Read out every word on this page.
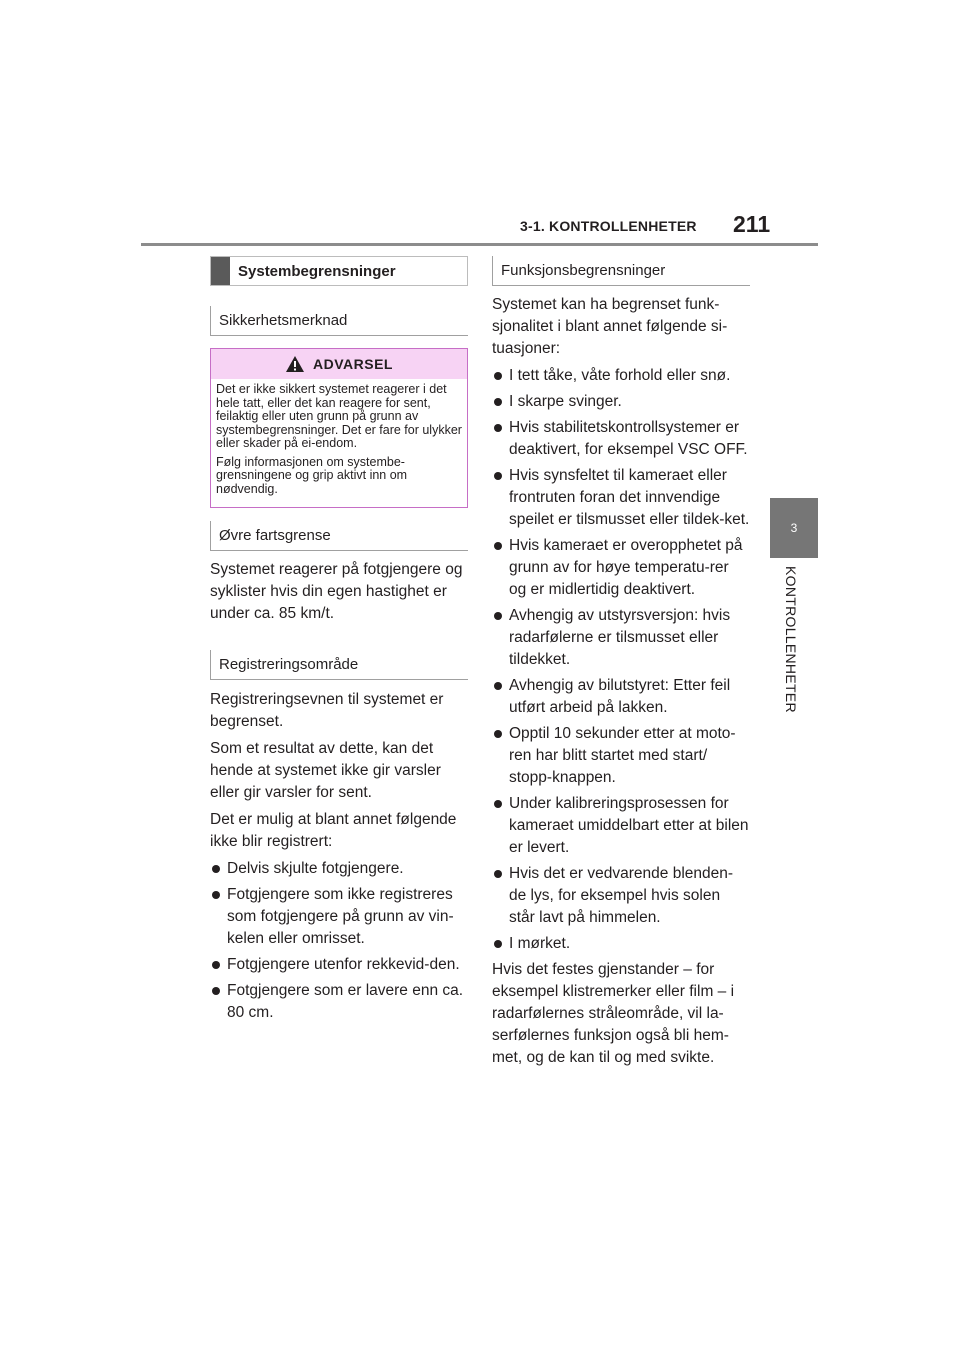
3-1. KONTROLLENHETER 211
3
KONTROLLENHETER
Systembegrensninger
Sikkerhetsmerknad
ADVARSEL

Det er ikke sikkert systemet reagerer i det hele tatt, eller det kan reagere for sent, feilaktig eller uten grunn på grunn av systembegrensninger. Det er fare for ulykker eller skader på ei-endom.

Følg informasjonen om systembe-grensningene og grip aktivt inn om nødvendig.

Øvre fartsgrense

Systemet reagerer på fotgjengere og syklister hvis din egen hastighet er under ca. 85 km/t.

Registreringsområde

Registreringsevnen til systemet er begrenset.

Som et resultat av dette, kan det hende at systemet ikke gir varsler eller gir varsler for sent.

Det er mulig at blant annet følgende ikke blir registrert:

Delvis skjulte fotgjengere.
Fotgjengere som ikke registreres som fotgjengere på grunn av vin-kelen eller omrisset.
Fotgjengere utenfor rekkevid-den.
Fotgjengere som er lavere enn ca. 80 cm.
Funksjonsbegrensninger

Systemet kan ha begrenset funk-sjonalitet i blant annet følgende si-tuasjoner:

I tett tåke, våte forhold eller snø.
I skarpe svinger.
Hvis stabilitetskontrollsystemer er deaktivert, for eksempel VSC OFF.
Hvis synsfeltet til kameraet eller frontruten foran det innvendige speilet er tilsmusset eller tildek-ket.
Hvis kameraet er overopphetet på grunn av for høye temperatu-rer og er midlertidig deaktivert.
Avhengig av utstyrsversjon: hvis radarfølerne er tilsmusset eller tildekket.
Avhengig av bilutstyret: Etter feil utført arbeid på lakken.
Opptil 10 sekunder etter at moto-ren har blitt startet med start/ stopp-knappen.
Under kalibreringsprosessen for kameraet umiddelbart etter at bilen er levert.
Hvis det er vedvarende blenden-de lys, for eksempel hvis solen står lavt på himmelen.
I mørket.

Hvis det festes gjenstander – for eksempel klistremerker eller film – i radarfølernes stråleområde, vil la-serfølernes funksjon også bli hem-met, og de kan til og med svikte.
